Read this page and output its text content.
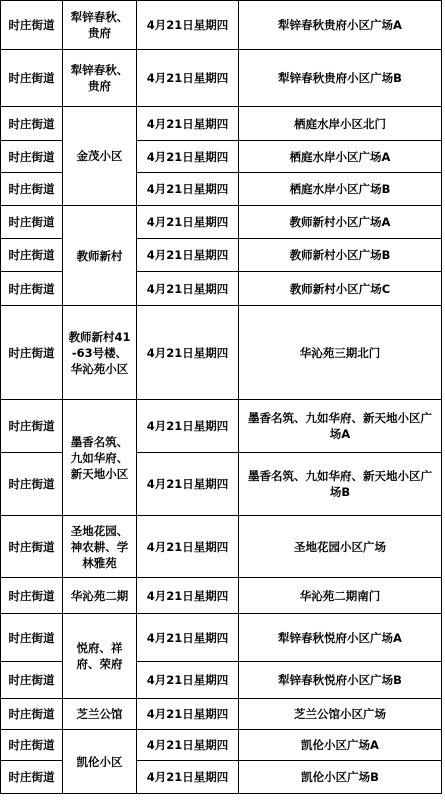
时庄街道	犁锌春秋、贵府	4月21日星期四	犁锌春秋贵府小区广场A
时庄街道	犁锌春秋、贵府	4月21日星期四	犁锌春秋贵府小区广场B
时庄街道	金茂小区	4月21日星期四	栖庭水岸小区北门
时庄街道		4月21日星期四	栖庭水岸小区广场A
时庄街道		4月21日星期四	栖庭水岸小区广场B
时庄街道	教师新村	4月21日星期四	教师新村小区广场A
时庄街道		4月21日星期四	教师新村小区广场B
时庄街道		4月21日星期四	教师新村小区广场C
时庄街道	教师新村41-63号楼、华沁苑小区	4月21日星期四	华沁苑三期北门
时庄街道	墨香名筑、九如华府、新天地小区	4月21日星期四	墨香名筑、九如华府、新天地小区广场A
时庄街道		4月21日星期四	墨香名筑、九如华府、新天地小区广场B
时庄街道	圣地花园、神农耕、学林雅苑	4月21日星期四	圣地花园小区广场
时庄街道	华沁苑二期	4月21日星期四	华沁苑二期南门
时庄街道	悦府、祥府、荣府	4月21日星期四	犁锌春秋悦府小区广场A
时庄街道		4月21日星期四	犁锌春秋悦府小区广场B
时庄街道	芝兰公馆	4月21日星期四	芝兰公馆小区广场
时庄街道	凯伦小区	4月21日星期四	凯伦小区广场A
时庄街道		4月21日星期四	凯伦小区广场B
